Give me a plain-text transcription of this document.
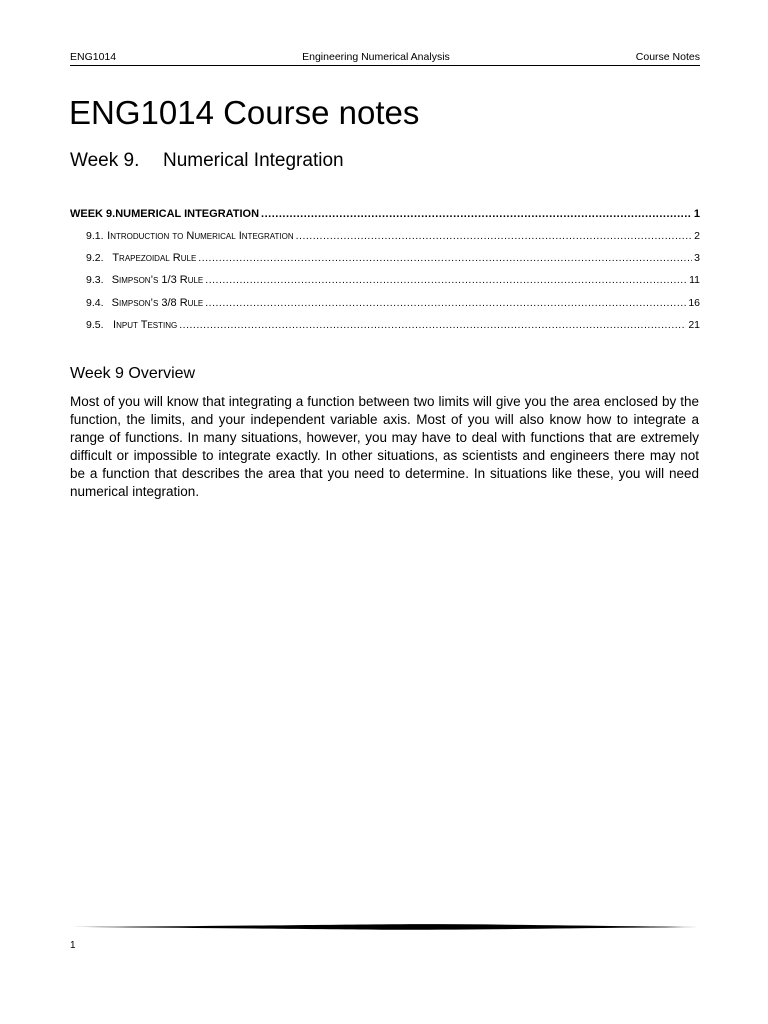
ENG1014	Engineering Numerical Analysis	Course Notes
ENG1014 Course notes
Week 9.	Numerical Integration
WEEK 9. NUMERICAL INTEGRATION .....	1
9.1. Introduction to Numerical Integration .....	2
9.2. Trapezoidal Rule .....	3
9.3. Simpson’s 1/3 Rule .....	11
9.4. Simpson’s 3/8 Rule .....	16
9.5. Input Testing .....	21
Week 9 Overview

Most of you will know that integrating a function between two limits will give you the area enclosed by the function, the limits, and your independent variable axis. Most of you will also know how to integrate a range of functions. In many situations, however, you may have to deal with functions that are extremely difficult or impossible to integrate exactly. In other situations, as scientists and engineers there may not be a function that describes the area that you need to determine. In situations like these, you will need numerical integration.

1
